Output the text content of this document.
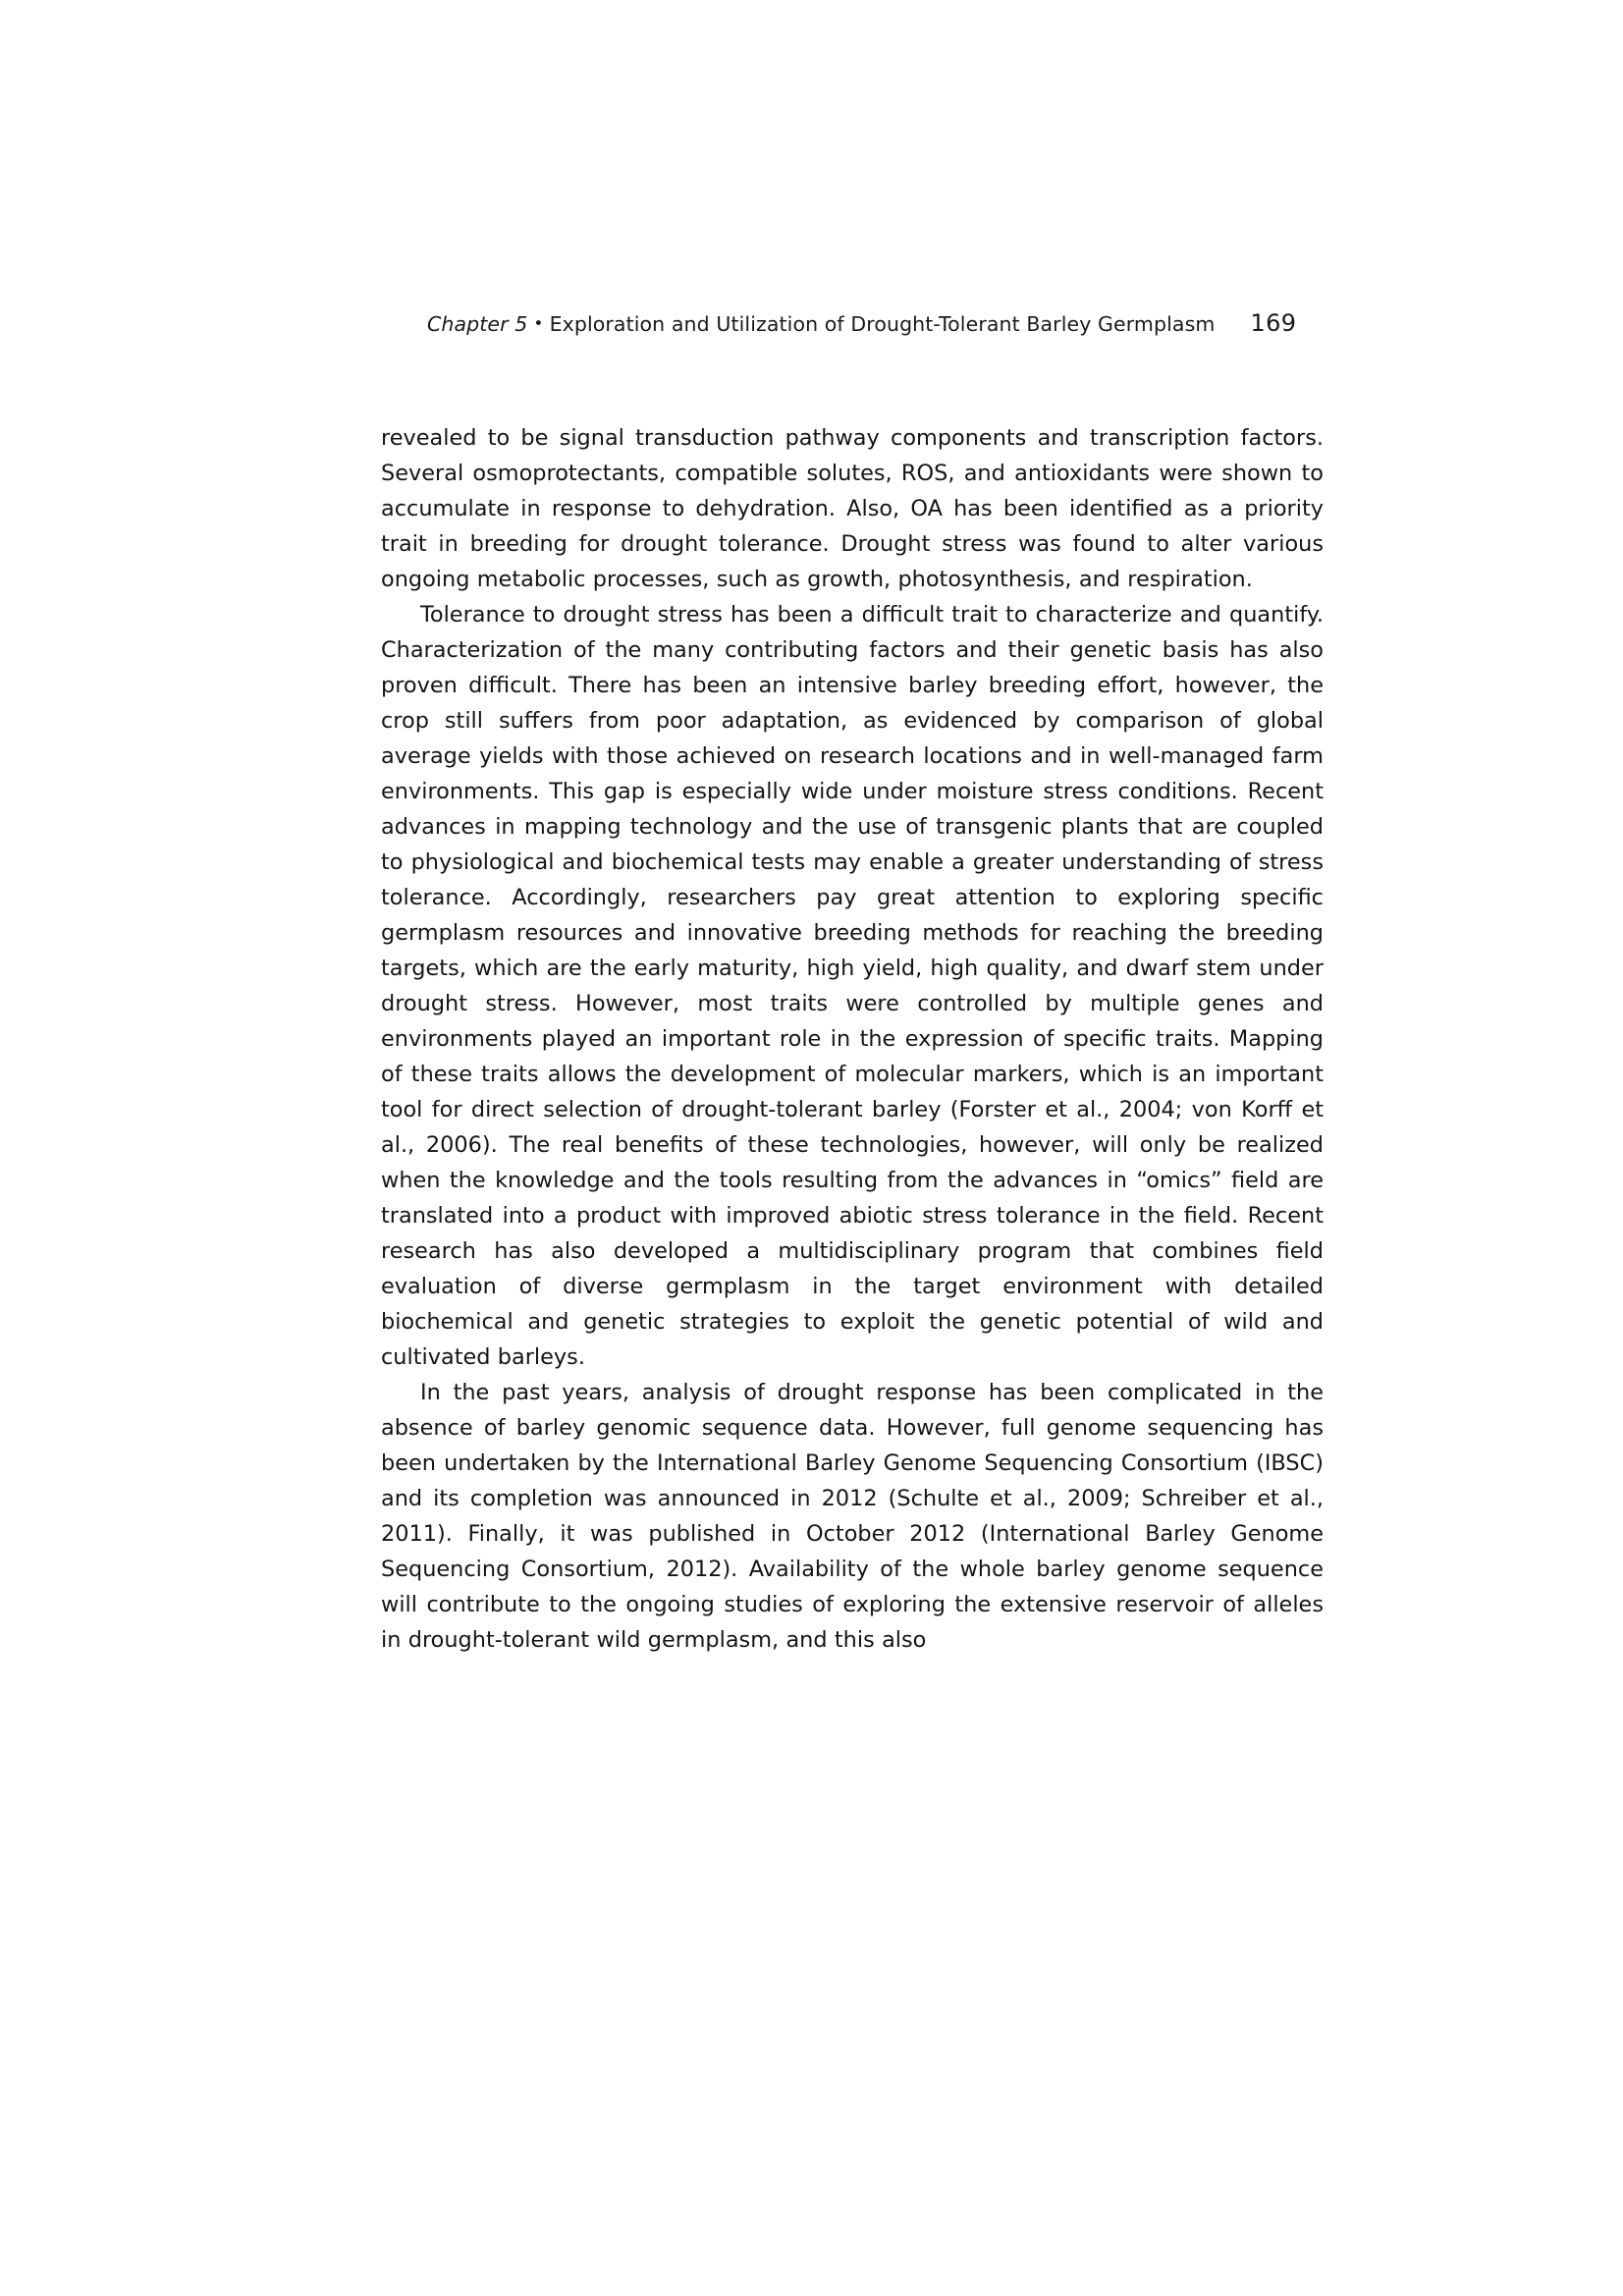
Chapter 5 • Exploration and Utilization of Drought-Tolerant Barley Germplasm 169

revealed to be signal transduction pathway components and transcription factors. Several osmoprotectants, compatible solutes, ROS, and antioxidants were shown to accumulate in response to dehydration. Also, OA has been identified as a priority trait in breeding for drought tolerance. Drought stress was found to alter various ongoing metabolic processes, such as growth, photosynthesis, and respiration.

Tolerance to drought stress has been a difficult trait to characterize and quantify. Characterization of the many contributing factors and their genetic basis has also proven difficult. There has been an intensive barley breeding effort, however, the crop still suffers from poor adaptation, as evidenced by comparison of global average yields with those achieved on research locations and in well-managed farm environments. This gap is especially wide under moisture stress conditions. Recent advances in mapping technology and the use of transgenic plants that are coupled to physiological and biochemical tests may enable a greater understanding of stress tolerance. Accordingly, researchers pay great attention to exploring specific germplasm resources and innovative breeding methods for reaching the breeding targets, which are the early maturity, high yield, high quality, and dwarf stem under drought stress. However, most traits were controlled by multiple genes and environments played an important role in the expression of specific traits. Mapping of these traits allows the development of molecular markers, which is an important tool for direct selection of drought-tolerant barley (Forster et al., 2004; von Korff et al., 2006). The real benefits of these technologies, however, will only be realized when the knowledge and the tools resulting from the advances in “omics” field are translated into a product with improved abiotic stress tolerance in the field. Recent research has also developed a multidisciplinary program that combines field evaluation of diverse germplasm in the target environment with detailed biochemical and genetic strategies to exploit the genetic potential of wild and cultivated barleys.

In the past years, analysis of drought response has been complicated in the absence of barley genomic sequence data. However, full genome sequencing has been undertaken by the International Barley Genome Sequencing Consortium (IBSC) and its completion was announced in 2012 (Schulte et al., 2009; Schreiber et al., 2011). Finally, it was published in October 2012 (International Barley Genome Sequencing Consortium, 2012). Availability of the whole barley genome sequence will contribute to the ongoing studies of exploring the extensive reservoir of alleles in drought-tolerant wild germplasm, and this also
